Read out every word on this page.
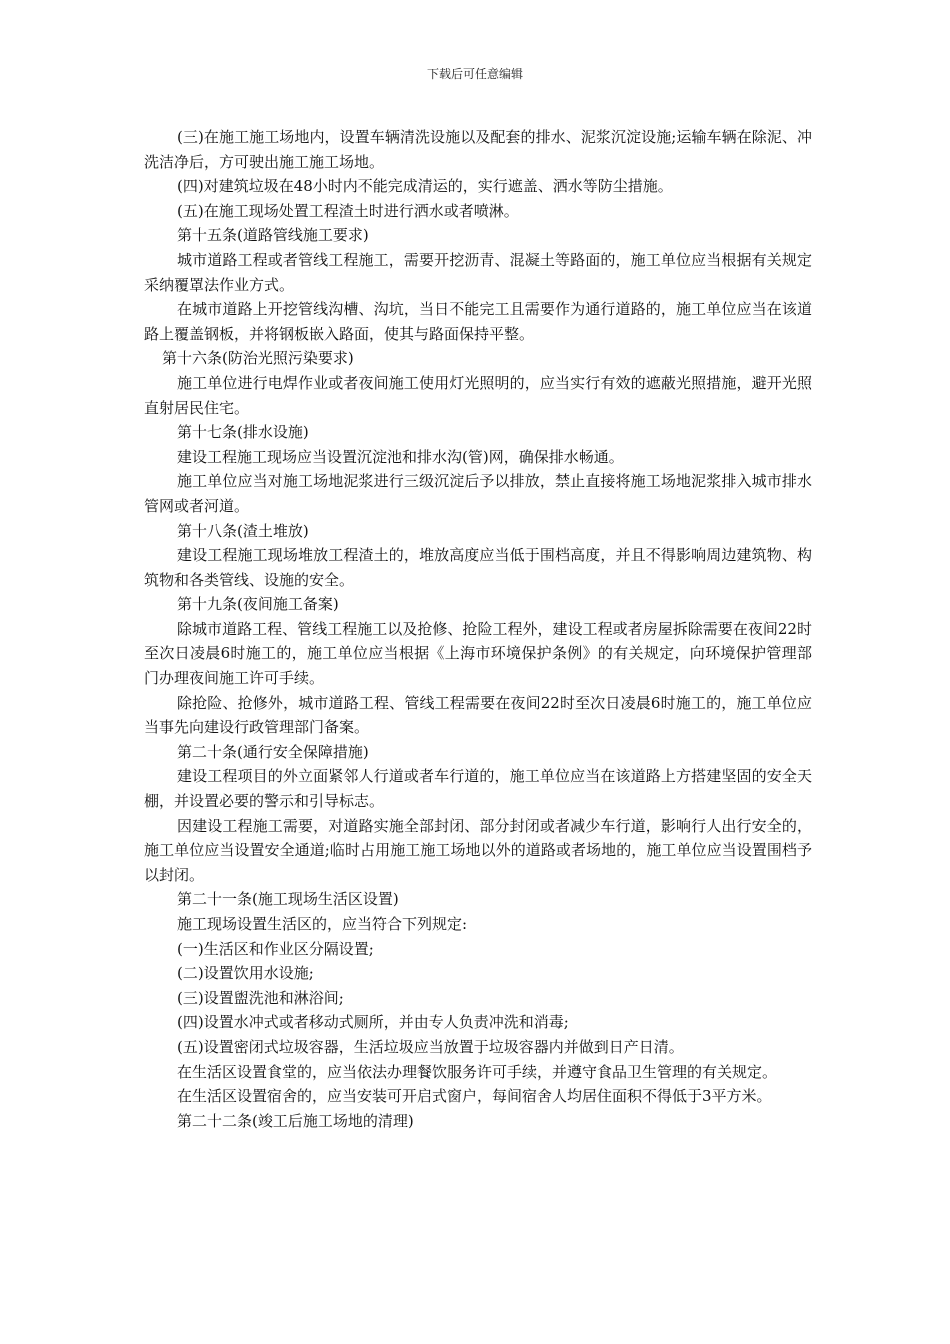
下载后可任意编辑

(三)在施工施工场地内，设置车辆清洗设施以及配套的排水、泥浆沉淀设施;运输车辆在除泥、冲洗洁净后，方可驶出施工施工场地。

(四)对建筑垃圾在48小时内不能完成清运的，实行遮盖、洒水等防尘措施。

(五)在施工现场处置工程渣土时进行洒水或者喷淋。

第十五条(道路管线施工要求)

城市道路工程或者管线工程施工，需要开挖沥青、混凝土等路面的，施工单位应当根据有关规定采纳覆罩法作业方式。

在城市道路上开挖管线沟槽、沟坑，当日不能完工且需要作为通行道路的，施工单位应当在该道路上覆盖钢板，并将钢板嵌入路面，使其与路面保持平整。

第十六条(防治光照污染要求)

施工单位进行电焊作业或者夜间施工使用灯光照明的，应当实行有效的遮蔽光照措施，避开光照直射居民住宅。

第十七条(排水设施)

建设工程施工现场应当设置沉淀池和排水沟(管)网，确保排水畅通。

施工单位应当对施工场地泥浆进行三级沉淀后予以排放，禁止直接将施工场地泥浆排入城市排水管网或者河道。

第十八条(渣土堆放)

建设工程施工现场堆放工程渣土的，堆放高度应当低于围档高度，并且不得影响周边建筑物、构筑物和各类管线、设施的安全。

第十九条(夜间施工备案)

除城市道路工程、管线工程施工以及抢修、抢险工程外，建设工程或者房屋拆除需要在夜间22时至次日凌晨6时施工的，施工单位应当根据《上海市环境保护条例》的有关规定，向环境保护管理部门办理夜间施工许可手续。

除抢险、抢修外，城市道路工程、管线工程需要在夜间22时至次日凌晨6时施工的，施工单位应当事先向建设行政管理部门备案。

第二十条(通行安全保障措施)

建设工程项目的外立面紧邻人行道或者车行道的，施工单位应当在该道路上方搭建坚固的安全天棚，并设置必要的警示和引导标志。

因建设工程施工需要，对道路实施全部封闭、部分封闭或者减少车行道，影响行人出行安全的，施工单位应当设置安全通道;临时占用施工施工场地以外的道路或者场地的，施工单位应当设置围档予以封闭。

第二十一条(施工现场生活区设置)

施工现场设置生活区的，应当符合下列规定:

(一)生活区和作业区分隔设置;

(二)设置饮用水设施;

(三)设置盥洗池和淋浴间;

(四)设置水冲式或者移动式厕所，并由专人负责冲洗和消毒;

(五)设置密闭式垃圾容器，生活垃圾应当放置于垃圾容器内并做到日产日清。

在生活区设置食堂的，应当依法办理餐饮服务许可手续，并遵守食品卫生管理的有关规定。

在生活区设置宿舍的，应当安装可开启式窗户，每间宿舍人均居住面积不得低于3平方米。

第二十二条(竣工后施工场地的清理)
